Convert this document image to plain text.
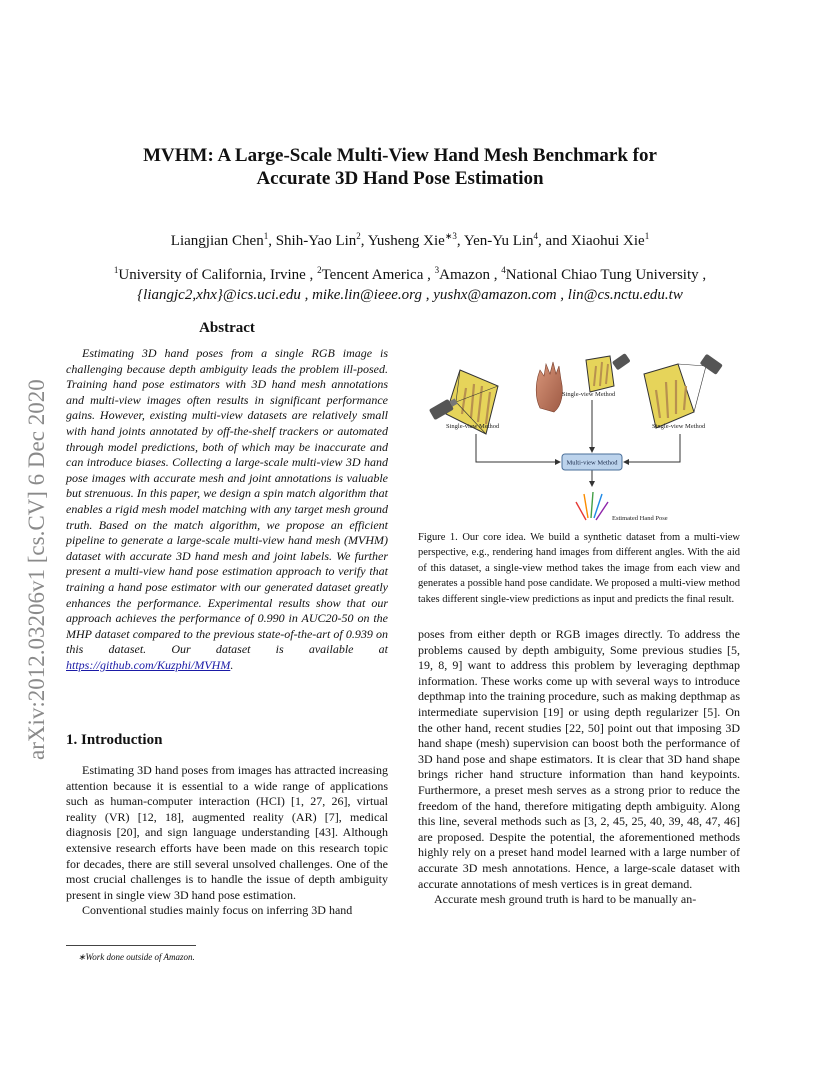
arXiv:2012.03206v1 [cs.CV] 6 Dec 2020
MVHM: A Large-Scale Multi-View Hand Mesh Benchmark for
Accurate 3D Hand Pose Estimation
Liangjian Chen$^1$, Shih-Yao Lin$^2$, Yusheng Xie$^{∗3}$, Yen-Yu Lin$^4$, and Xiaohui Xie$^1$
$^1$University of California, Irvine , $^2$Tencent America , $^3$Amazon , $^4$National Chiao Tung University ,
{liangjc2,xhx}@ics.uci.edu , mike.lin@ieee.org , yushx@amazon.com , lin@cs.nctu.edu.tw
Abstract

Estimating 3D hand poses from a single RGB image is challenging because depth ambiguity leads the problem ill-posed. Training hand pose estimators with 3D hand mesh annotations and multi-view images often results in significant performance gains. However, existing multi-view datasets are relatively small with hand joints annotated by off-the-shelf trackers or automated through model predictions, both of which may be inaccurate and can introduce biases. Collecting a large-scale multi-view 3D hand pose images with accurate mesh and joint annotations is valuable but strenuous. In this paper, we design a spin match algorithm that enables a rigid mesh model matching with any target mesh ground truth. Based on the match algorithm, we propose an efficient pipeline to generate a large-scale multi-view hand mesh (MVHM) dataset with accurate 3D hand mesh and joint labels. We further present a multi-view hand pose estimation approach to verify that training a hand pose estimator with our generated dataset greatly enhances the performance. Experimental results show that our approach achieves the performance of 0.990 in AUC20-50 on the MHP dataset compared to the previous state-of-the-art of 0.939 on this dataset. Our dataset is available at https://github.com/Kuzphi/MVHM.

1. Introduction

Estimating 3D hand poses from images has attracted increasing attention because it is essential to a wide range of applications such as human-computer interaction (HCI) [1, 27, 26], virtual reality (VR) [12, 18], augmented reality (AR) [7], medical diagnosis [20], and sign language understanding [43]. Although extensive research efforts have been made on this research topic for decades, there are still several unsolved challenges. One of the most crucial challenges is to handle the issue of depth ambiguity present in single view 3D hand pose estimation.

Conventional studies mainly focus on inferring 3D hand

∗Work done outside of Amazon.
Single-view Method
Single-view Method
Single-view Method
Multi-view Method
Estimated Hand Pose

Figure 1. Our core idea. We build a synthetic dataset from a multi-view perspective, e.g., rendering hand images from different angles. With the aid of this dataset, a single-view method takes the image from each view and generates a possible hand pose candidate. We proposed a multi-view method takes different single-view predictions as input and predicts the final result.

poses from either depth or RGB images directly. To address the problems caused by depth ambiguity, Some previous studies [5, 19, 8, 9] want to address this problem by leveraging depthmap information. These works come up with several ways to introduce depthmap into the training procedure, such as making depthmap as intermediate supervision [19] or using depth regularizer [5]. On the other hand, recent studies [22, 50] point out that imposing 3D hand shape (mesh) supervision can boost both the performance of 3D hand pose and shape estimators. It is clear that 3D hand shape brings richer hand structure information than hand keypoints. Furthermore, a preset mesh serves as a strong prior to reduce the freedom of the hand, therefore mitigating depth ambiguity. Along this line, several methods such as [3, 2, 45, 25, 40, 39, 48, 47, 46] are proposed. Despite the potential, the aforementioned methods highly rely on a preset hand model learned with a large number of accurate 3D mesh annotations. Hence, a large-scale dataset with accurate annotations of mesh vertices is in great demand.

Accurate mesh ground truth is hard to be manually an-
